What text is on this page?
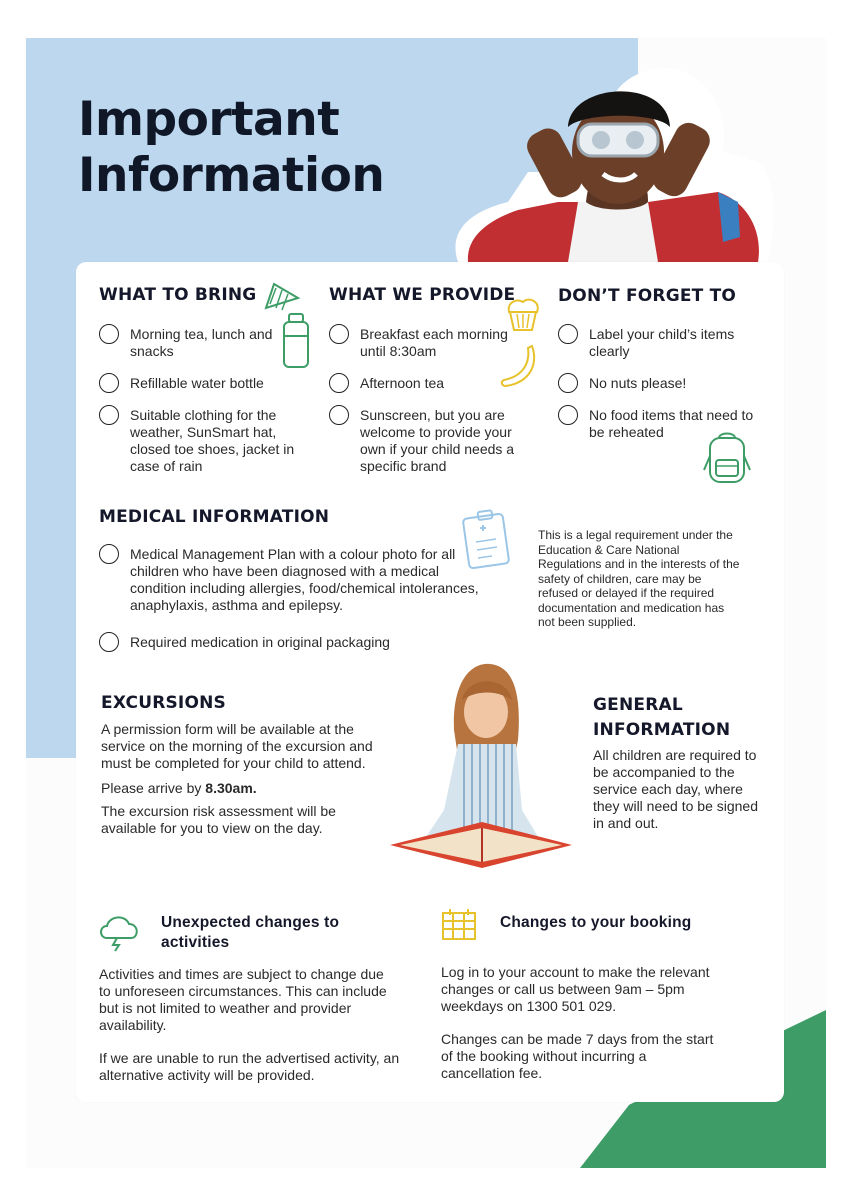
Important
Information
WHAT TO BRING
Morning tea, lunch and snacks
Refillable water bottle
Suitable clothing for the weather, SunSmart hat, closed toe shoes, jacket in case of rain
WHAT WE PROVIDE
Breakfast each morning until 8:30am
Afternoon tea
Sunscreen, but you are welcome to provide your own if your child needs a specific brand
DON’T FORGET TO
Label your child’s items clearly
No nuts please!
No food items that need to be reheated
MEDICAL INFORMATION
Medical Management Plan with a colour photo for all children who have been diagnosed with a medical condition including allergies, food/chemical intolerances, anaphylaxis, asthma and epilepsy.
Required medication in original packaging

This is a legal requirement under the Education & Care National Regulations and in the interests of the safety of children, care may be refused or delayed if the required documentation and medication has not been supplied.

EXCURSIONS

A permission form will be available at the service on the morning of the excursion and must be completed for your child to attend.

Please arrive by 8.30am.

The excursion risk assessment will be available for you to view on the day.

GENERAL
INFORMATION

All children are required to be accompanied to the service each day, where they will need to be signed in and out.

Unexpected changes to activities

Activities and times are subject to change due to unforeseen circumstances. This can include but is not limited to weather and provider availability.

If we are unable to run the advertised activity, an alternative activity will be provided.

Changes to your booking

Log in to your account to make the relevant changes or call us between 9am – 5pm weekdays on 1300 501 029.

Changes can be made 7 days from the start of the booking without incurring a cancellation fee.
